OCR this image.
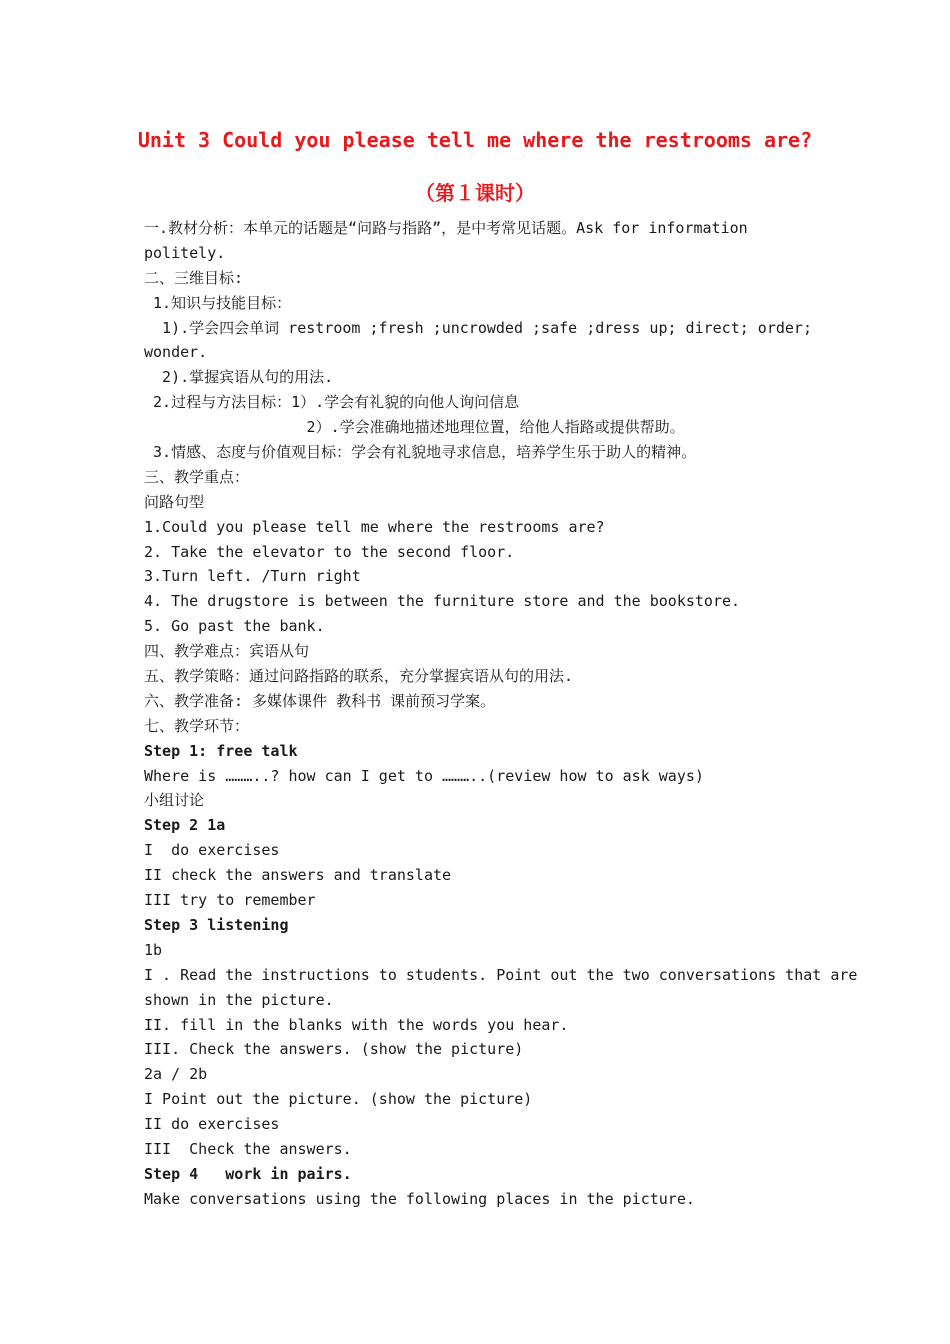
Unit 3 Could you please tell me where the restrooms are?
（第１课时）
一.教材分析：本单元的话题是“问路与指路”，是中考常见话题。Ask for information
politely.
二、三维目标:
1.知识与技能目标：
1).学会四会单词 restroom ;fresh ;uncrowded ;safe ;dress up; direct; order;
wonder.
2).掌握宾语从句的用法.
2.过程与方法目标：1）.学会有礼貌的向他人询问信息
2）.学会准确地描述地理位置，给他人指路或提供帮助。
3.情感、态度与价值观目标：学会有礼貌地寻求信息，培养学生乐于助人的精神。
三、教学重点：
问路句型
1.Could you please tell me where the restrooms are?
2. Take the elevator to the second floor.
3.Turn left. /Turn right
4. The drugstore is between the furniture store and the bookstore.
5. Go past the bank.
四、教学难点：宾语从句
五、教学策略：通过问路指路的联系，充分掌握宾语从句的用法.
六、教学准备: 多媒体课件 教科书 课前预习学案。
七、教学环节：
Step 1: free talk
Where is ………..? how can I get to ………..(review how to ask ways)
小组讨论
Step 2 1a
I  do exercises
II check the answers and translate
III try to remember
Step 3 listening
1b
I . Read the instructions to students. Point out the two conversations that are
shown in the picture.
II. fill in the blanks with the words you hear.
III. Check the answers. (show the picture)
2a / 2b
I Point out the picture. (show the picture)
II do exercises
III  Check the answers.
Step 4   work in pairs.
Make conversations using the following places in the picture.
